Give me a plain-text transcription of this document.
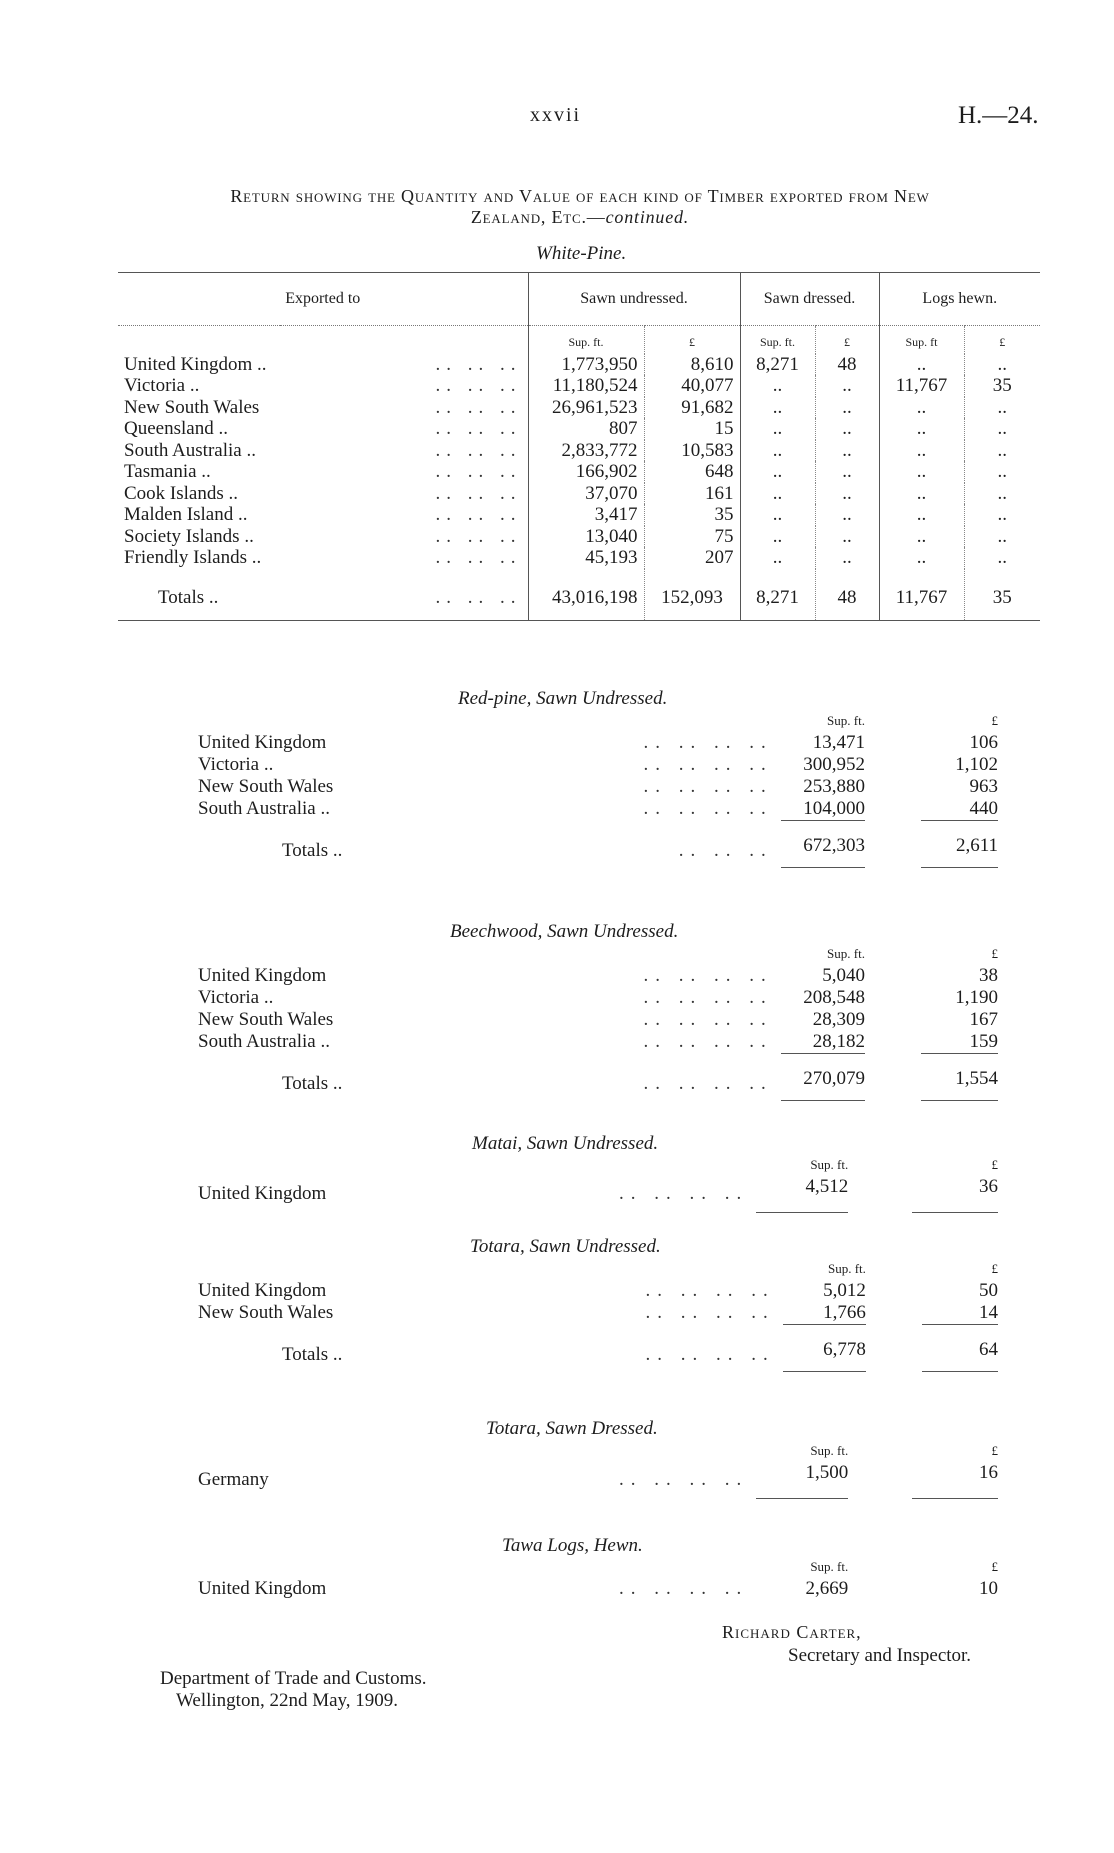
xxvii	H.—24.
Return showing the Quantity and Value of each kind of Timber exported from New
Zealand, Etc.—continued.
White-Pine.
Exported to		Sawn undressed.		Sawn dressed.		Logs hewn.	
		Sup. ft.	£	Sup. ft.	£	Sup. ft	£
United Kingdom ..	.. .. ..	1,773,950	8,610	8,271	48	..	..
Victoria ..	.. .. ..	11,180,524	40,077	..	..	11,767	35
New South Wales	.. .. ..	26,961,523	91,682	..	..	..	..
Queensland ..	.. .. ..	807	15	..	..	..	..
South Australia ..	.. .. ..	2,833,772	10,583	..	..	..	..
Tasmania ..	.. .. ..	166,902	648	..	..	..	..
Cook Islands ..	.. .. ..	37,070	161	..	..	..	..
Malden Island ..	.. .. ..	3,417	35	..	..	..	..
Society Islands ..	.. .. ..	13,040	75	..	..	..	..
Friendly Islands ..	.. .. ..	45,193	207	..	..	..	..
Totals ..	.. .. ..	43,016,198	152,093	8,271	48	11,767	35
Red-pine, Sawn Undressed.
		Sup. ft.		£
United Kingdom	.. .. .. ..	13,471		106
Victoria ..	.. .. .. ..	300,952		1,102
New South Wales	.. .. .. ..	253,880		963
South Australia ..	.. .. .. ..	104,000		440
Totals ..	.. .. ..	672,303		2,611
Beechwood, Sawn Undressed.
		Sup. ft.		£
United Kingdom	.. .. .. ..	5,040		38
Victoria ..	.. .. .. ..	208,548		1,190
New South Wales	.. .. .. ..	28,309		167
South Australia ..	.. .. .. ..	28,182		159
Totals ..	.. .. .. ..	270,079		1,554
Matai, Sawn Undressed.
		Sup. ft.		£
United Kingdom	.. .. .. ..	4,512		36
Totara, Sawn Undressed.
		Sup. ft.		£
United Kingdom	.. .. .. ..	5,012		50
New South Wales	.. .. .. ..	1,766		14
Totals ..	.. .. .. ..	6,778		64
Totara, Sawn Dressed.
		Sup. ft.		£
Germany	.. .. .. ..	1,500		16
Tawa Logs, Hewn.
		Sup. ft.		£
United Kingdom	.. .. .. ..	2,669		10
Richard Carter,
Secretary and Inspector.
Department of Trade and Customs.
Wellington, 22nd May, 1909.
